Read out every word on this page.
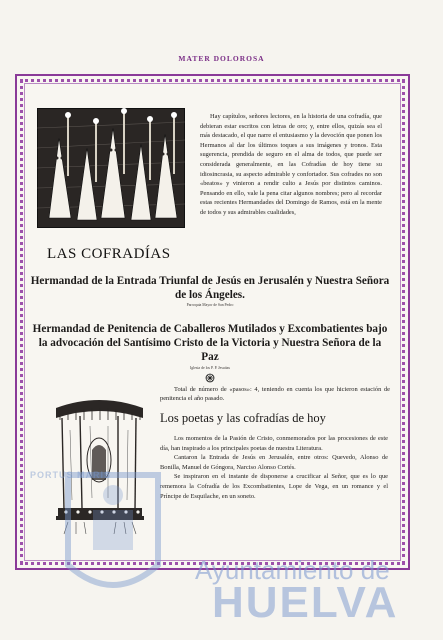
MATER DOLOROSA
Hay capítulos, señores lectores, en la historia de una cofradía, que debieran estar escritos con letras de oro; y, entre ellos, quizás sea el más destacado, el que narre el entusiasmo y la devoción que ponen los Hermanos al dar los últimos toques a sus imágenes y tronos. Esta sugerencia, prendida de seguro en el alma de todos, que puede ser considerada generalmente, en las Cofradías de hoy tiene su idiosincrasia, su aspecto admirable y confortador. Sus cofrades no son «beatos» y vinieron a rendir culto a Jesús por distintos caminos. Pensando en ello, vale la pena citar algunos nombres; pero al recordar estas recientes Hermandades del Domingo de Ramos, está en la mente de todos y sus admirables cualidades,
LAS COFRADÍAS
Hermandad de la Entrada Triunfal de Jesús en Jerusalén y Nuestra Señora de los Ángeles.
Parroquia Mayor de San Pedro
Hermandad de Penitencia de Caballeros Mutilados y Excombatientes bajo la advocación del Santísimo Cristo de la Victoria y Nuestra Señora de la Paz
Iglesia de los P. P. Jesuitas
Total de número de «pasos»: 4, teniendo en cuenta los que hicieron estación de penitencia el año pasado.
Los poetas y las cofradías de hoy

Los momentos de la Pasión de Cristo, conmemorados por las procesiones de este día, han inspirado a los principales poetas de nuestra Literatura.

Cantaron la Entrada de Jesús en Jerusalén, entre otros: Quevedo, Alonso de Bonilla, Manuel de Góngora, Narciso Alonso Cortés.

Se inspiraron en el instante de disponerse a crucificar al Señor, que es lo que rememora la Cofradía de los Excombatientes, Lope de Vega, en un romance y el Príncipe de Esquilache, en un soneto.

PORTUS MARIS
Ayuntamiento de
HUELVA
